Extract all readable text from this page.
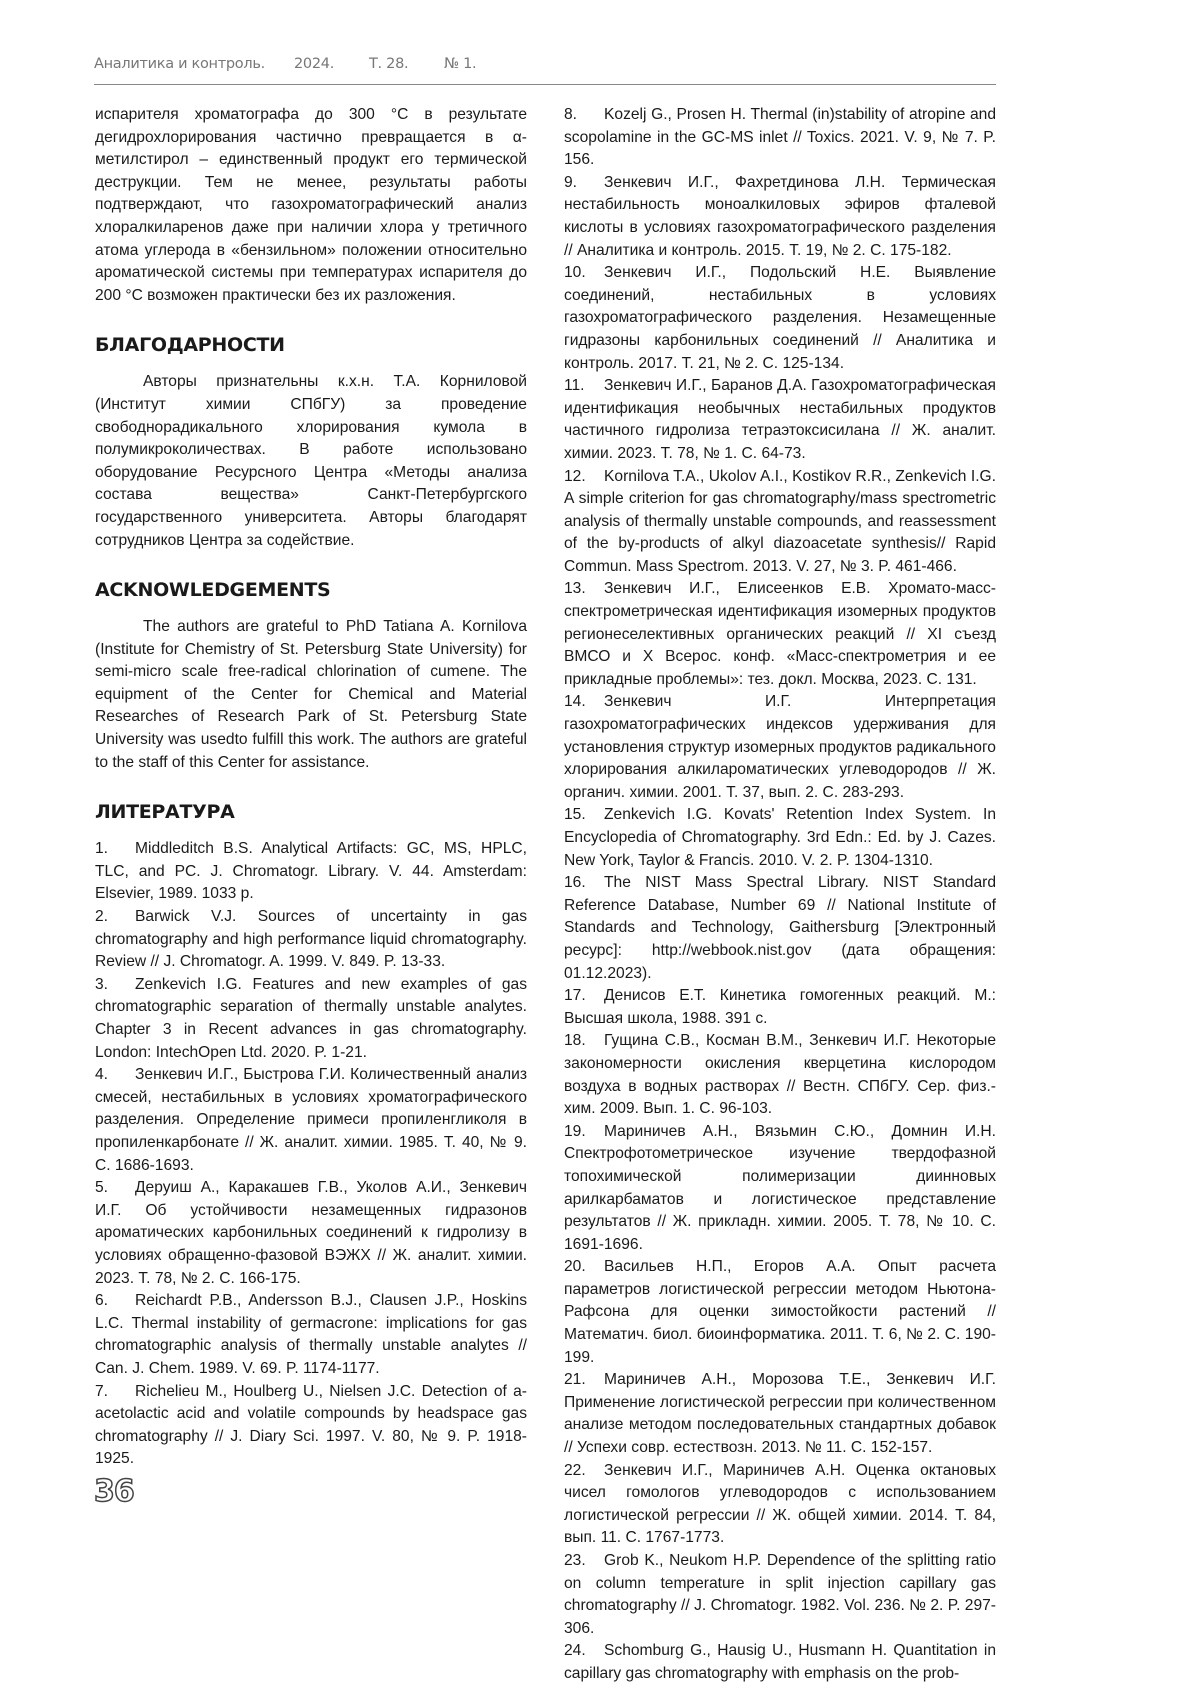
Аналитика и контроль. 2024. Т. 28. № 1.

испарителя хроматографа до 300 °С в результате дегидрохлорирования частично превращается в α-метилстирол – единственный продукт его термической деструкции. Тем не менее, результаты работы подтверждают, что газохроматографический анализ хлоралкиларенов даже при наличии хлора у третичного атома углерода в «бензильном» положении относительно ароматической системы при температурах испарителя до 200 °С возможен практически без их разложения.

БЛАГОДАРНОСТИ

Авторы признательны к.х.н. Т.А. Корниловой (Институт химии СПбГУ) за проведение свободнорадикального хлорирования кумола в полумикроколичествах. В работе использовано оборудование Ресурсного Центра «Методы анализа состава вещества» Санкт-Петербургского государственного университета. Авторы благодарят сотрудников Центра за содействие.

ACKNOWLEDGEMENTS

The authors are grateful to PhD Tatiana A. Kornilova (Institute for Chemistry of St. Petersburg State University) for semi-micro scale free-radical chlorination of cumene. The equipment of the Center for Chemical and Material Researches of Research Park of St. Petersburg State University was usedto fulfill this work. The authors are grateful to the staff of this Center for assistance.

ЛИТЕРАТУРА

1. Middleditch B.S. Analytical Artifacts: GC, MS, HPLC, TLC, and PC. J. Chromatogr. Library. V. 44. Amsterdam: Elsevier, 1989. 1033 p.

2. Barwick V.J. Sources of uncertainty in gas chromatography and high performance liquid chromatography. Review // J. Chromatogr. A. 1999. V. 849. P. 13-33.

3. Zenkevich I.G. Features and new examples of gas chromatographic separation of thermally unstable analytes. Chapter 3 in Recent advances in gas chromatography. London: IntechOpen Ltd. 2020. P. 1-21.

4. Зенкевич И.Г., Быстрова Г.И. Количественный анализ смесей, нестабильных в условиях хроматографического разделения. Определение примеси пропиленгликоля в пропиленкарбонате // Ж. аналит. химии. 1985. Т. 40, № 9. С. 1686-1693.

5. Деруиш А., Каракашев Г.В., Уколов А.И., Зенкевич И.Г. Об устойчивости незамещенных гидразонов ароматических карбонильных соединений к гидролизу в условиях обращенно-фазовой ВЭЖХ // Ж. аналит. химии. 2023. Т. 78, № 2. С. 166-175.

6. Reichardt P.B., Andersson B.J., Clausen J.P., Hoskins L.C. Thermal instability of germacrone: implications for gas chromatographic analysis of thermally unstable analytes // Can. J. Chem. 1989. V. 69. P. 1174-1177.

7. Richelieu M., Houlberg U., Nielsen J.C. Detection of a-acetolactic acid and volatile compounds by headspace gas chromatography // J. Diary Sci. 1997. V. 80, № 9. P. 1918-1925.

8. Kozelj G., Prosen H. Thermal (in)stability of atropine and scopolamine in the GC-MS inlet // Toxics. 2021. V. 9, № 7. P. 156.

9. Зенкевич И.Г., Фахретдинова Л.Н. Термическая нестабильность моноалкиловых эфиров фталевой кислоты в условиях газохроматографического разделения // Аналитика и контроль. 2015. Т. 19, № 2. С. 175-182.

10. Зенкевич И.Г., Подольский Н.Е. Выявление соединений, нестабильных в условиях газохроматографического разделения. Незамещенные гидразоны карбонильных соединений // Аналитика и контроль. 2017. Т. 21, № 2. С. 125-134.

11. Зенкевич И.Г., Баранов Д.А. Газохроматографическая идентификация необычных нестабильных продуктов частичного гидролиза тетраэтоксисилана // Ж. аналит. химии. 2023. Т. 78, № 1. С. 64-73.

12. Kornilova T.A., Ukolov A.I., Kostikov R.R., Zenkevich I.G. A simple criterion for gas chromatography/mass spectrometric analysis of thermally unstable compounds, and reassessment of the by-products of alkyl diazoacetate synthesis// Rapid Commun. Mass Spectrom. 2013. V. 27, № 3. P. 461-466.

13. Зенкевич И.Г., Елисеенков Е.В. Хромато-масс-спектрометрическая идентификация изомерных продуктов регионеселективных органических реакций // XI съезд ВМСО и X Всерос. конф. «Масс-спектрометрия и ее прикладные проблемы»: тез. докл. Москва, 2023. С. 131.

14. Зенкевич И.Г. Интерпретация газохроматографических индексов удерживания для установления структур изомерных продуктов радикального хлорирования алкилароматических углеводородов // Ж. органич. химии. 2001. Т. 37, вып. 2. С. 283-293.

15. Zenkevich I.G. Kovats' Retention Index System. In Encyclopedia of Chromatography. 3rd Edn.: Ed. by J. Cazes. New York, Taylor & Francis. 2010. V. 2. P. 1304-1310.

16. The NIST Mass Spectral Library. NIST Standard Reference Database, Number 69 // National Institute of Standards and Technology, Gaithersburg [Электронный ресурс]: http://webbook.nist.gov (дата обращения: 01.12.2023).

17. Денисов Е.Т. Кинетика гомогенных реакций. М.: Высшая школа, 1988. 391 с.

18. Гущина С.В., Косман В.М., Зенкевич И.Г. Некоторые закономерности окисления кверцетина кислородом воздуха в водных растворах // Вестн. СПбГУ. Сер. физ.-хим. 2009. Вып. 1. С. 96-103.

19. Мариничев А.Н., Вязьмин С.Ю., Домнин И.Н. Спектрофотометрическое изучение твердофазной топохимической полимеризации диинновых арилкарбаматов и логистическое представление результатов // Ж. прикладн. химии. 2005. Т. 78, № 10. С. 1691-1696.

20. Васильев Н.П., Егоров А.А. Опыт расчета параметров логистической регрессии методом Ньютона-Рафсона для оценки зимостойкости растений // Математич. биол. биоинформатика. 2011. Т. 6, № 2. С. 190-199.

21. Мариничев А.Н., Морозова Т.Е., Зенкевич И.Г. Применение логистической регрессии при количественном анализе методом последовательных стандартных добавок // Успехи совр. естествозн. 2013. № 11. С. 152-157.

22. Зенкевич И.Г., Мариничев А.Н. Оценка октановых чисел гомологов углеводородов с использованием логистической регрессии // Ж. общей химии. 2014. Т. 84, вып. 11. С. 1767-1773.

23. Grob K., Neukom H.P. Dependence of the splitting ratio on column temperature in split injection capillary gas chromatography // J. Chromatogr. 1982. Vol. 236. № 2. P. 297-306.

24. Schomburg G., Hausig U., Husmann H. Quantitation in capillary gas chromatography with emphasis on the prob-

36
